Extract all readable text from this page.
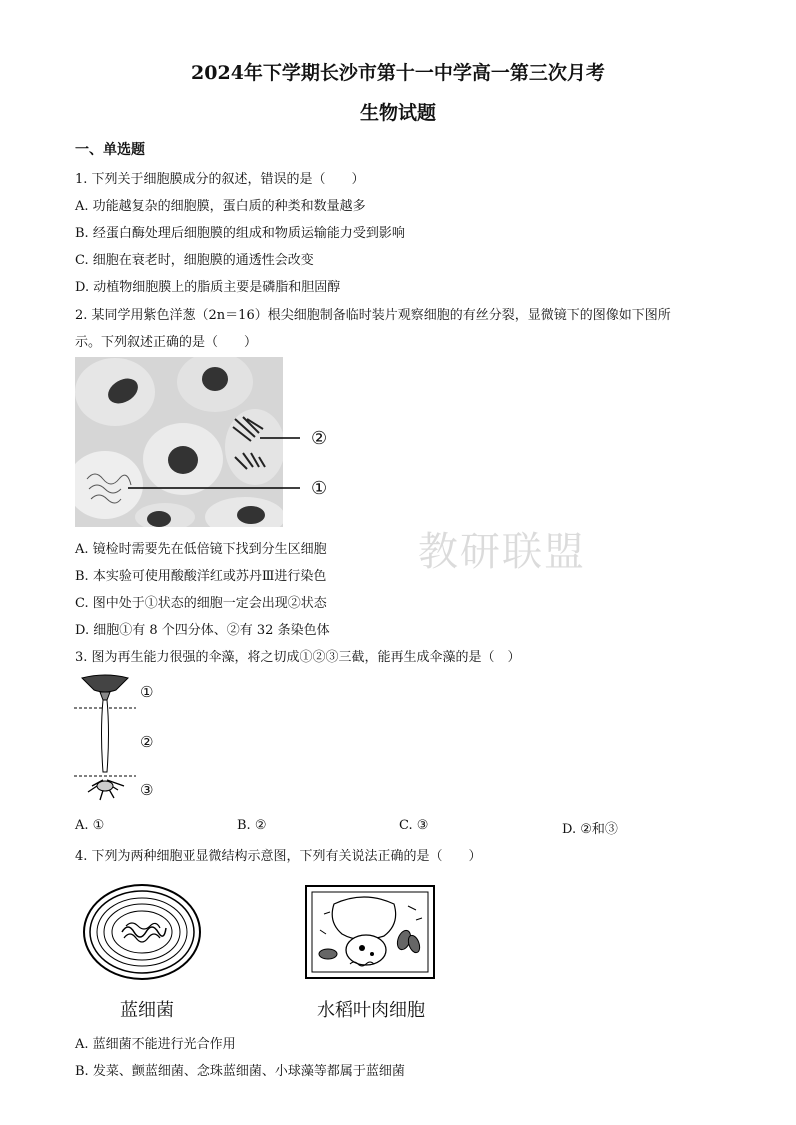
2024年下学期长沙市第十一中学高一第三次月考
生物试题
一、单选题
1. 下列关于细胞膜成分的叙述，错误的是（　　）
A. 功能越复杂的细胞膜，蛋白质的种类和数量越多
B. 经蛋白酶处理后细胞膜的组成和物质运输能力受到影响
C. 细胞在衰老时，细胞膜的通透性会改变
D. 动植物细胞膜上的脂质主要是磷脂和胆固醇
2. 某同学用紫色洋葱（2n＝16）根尖细胞制备临时装片观察细胞的有丝分裂，显微镜下的图像如下图所
示。下列叙述正确的是（　　）
②
①
教研联盟
A. 镜检时需要先在低倍镜下找到分生区细胞
B. 本实验可使用酸酸洋红或苏丹Ⅲ进行染色
C. 图中处于①状态的细胞一定会出现②状态
D. 细胞①有 8 个四分体、②有 32 条染色体
3. 图为再生能力很强的伞藻，将之切成①②③三截，能再生成伞藻的是（　）
①
②
③
A. ①	B. ②	C. ③	D. ②和③
4. 下列为两种细胞亚显微结构示意图，下列有关说法正确的是（　　）
蓝细菌	水稻叶肉细胞
A. 蓝细菌不能进行光合作用
B. 发菜、颤蓝细菌、念珠蓝细菌、小球藻等都属于蓝细菌
